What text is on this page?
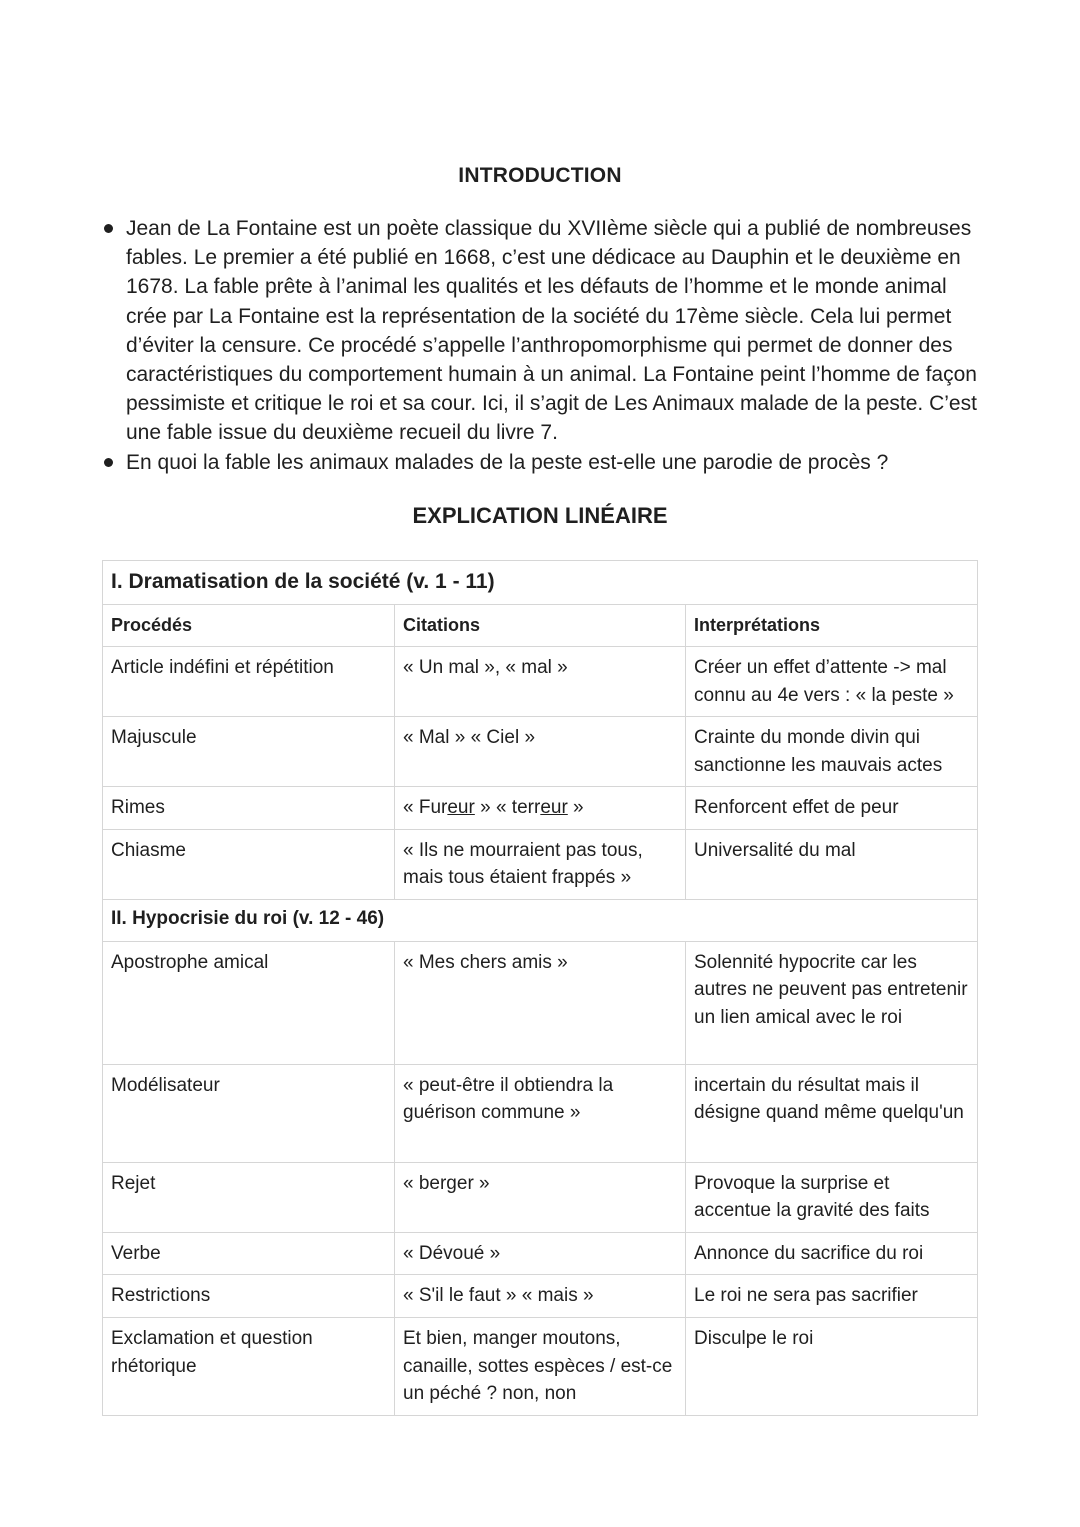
INTRODUCTION
Jean de La Fontaine est un poète classique du XVIIème siècle qui a publié de nombreuses fables. Le premier a été publié en 1668, c’est une dédicace au Dauphin et le deuxième en 1678. La fable prête à l’animal les qualités et les défauts de l’homme et le monde animal crée par La Fontaine est la représentation de la société du 17ème siècle. Cela lui permet d’éviter la censure. Ce procédé s’appelle l’anthropomorphisme qui permet de donner des caractéristiques du comportement humain à un animal. La Fontaine peint l’homme de façon pessimiste et critique le roi et sa cour. Ici, il s’agit de Les Animaux malade de la peste. C’est une fable issue du deuxième recueil du livre 7.
En quoi la fable les animaux malades de la peste est-elle une parodie de procès ?
EXPLICATION LINÉAIRE
I. Dramatisation de la société (v. 1 - 11)		
Procédés	Citations	Interprétations
Article indéfini et répétition	« Un mal », « mal »	Créer un effet d’attente -> mal connu au 4e vers : « la peste »
Majuscule	« Mal » « Ciel »	Crainte du monde divin qui sanctionne les mauvais actes
Rimes	« Fureur » « terreur »	Renforcent effet de peur
Chiasme	« Ils ne mourraient pas tous, mais tous étaient frappés »	Universalité du mal
II. Hypocrisie du roi (v. 12 - 46)		
Apostrophe amical	« Mes chers amis »	Solennité hypocrite car les autres ne peuvent pas entretenir un lien amical avec le roi
Modélisateur	« peut-être il obtiendra la guérison commune »	incertain du résultat mais il désigne quand même quelqu'un
Rejet	« berger »	Provoque la surprise et accentue la gravité des faits
Verbe	« Dévoué »	Annonce du sacrifice du roi
Restrictions	« S'il le faut » « mais »	Le roi ne sera pas sacrifier
Exclamation et question rhétorique	Et bien, manger moutons, canaille, sottes espèces / est-ce un péché ? non, non	Disculpe le roi
